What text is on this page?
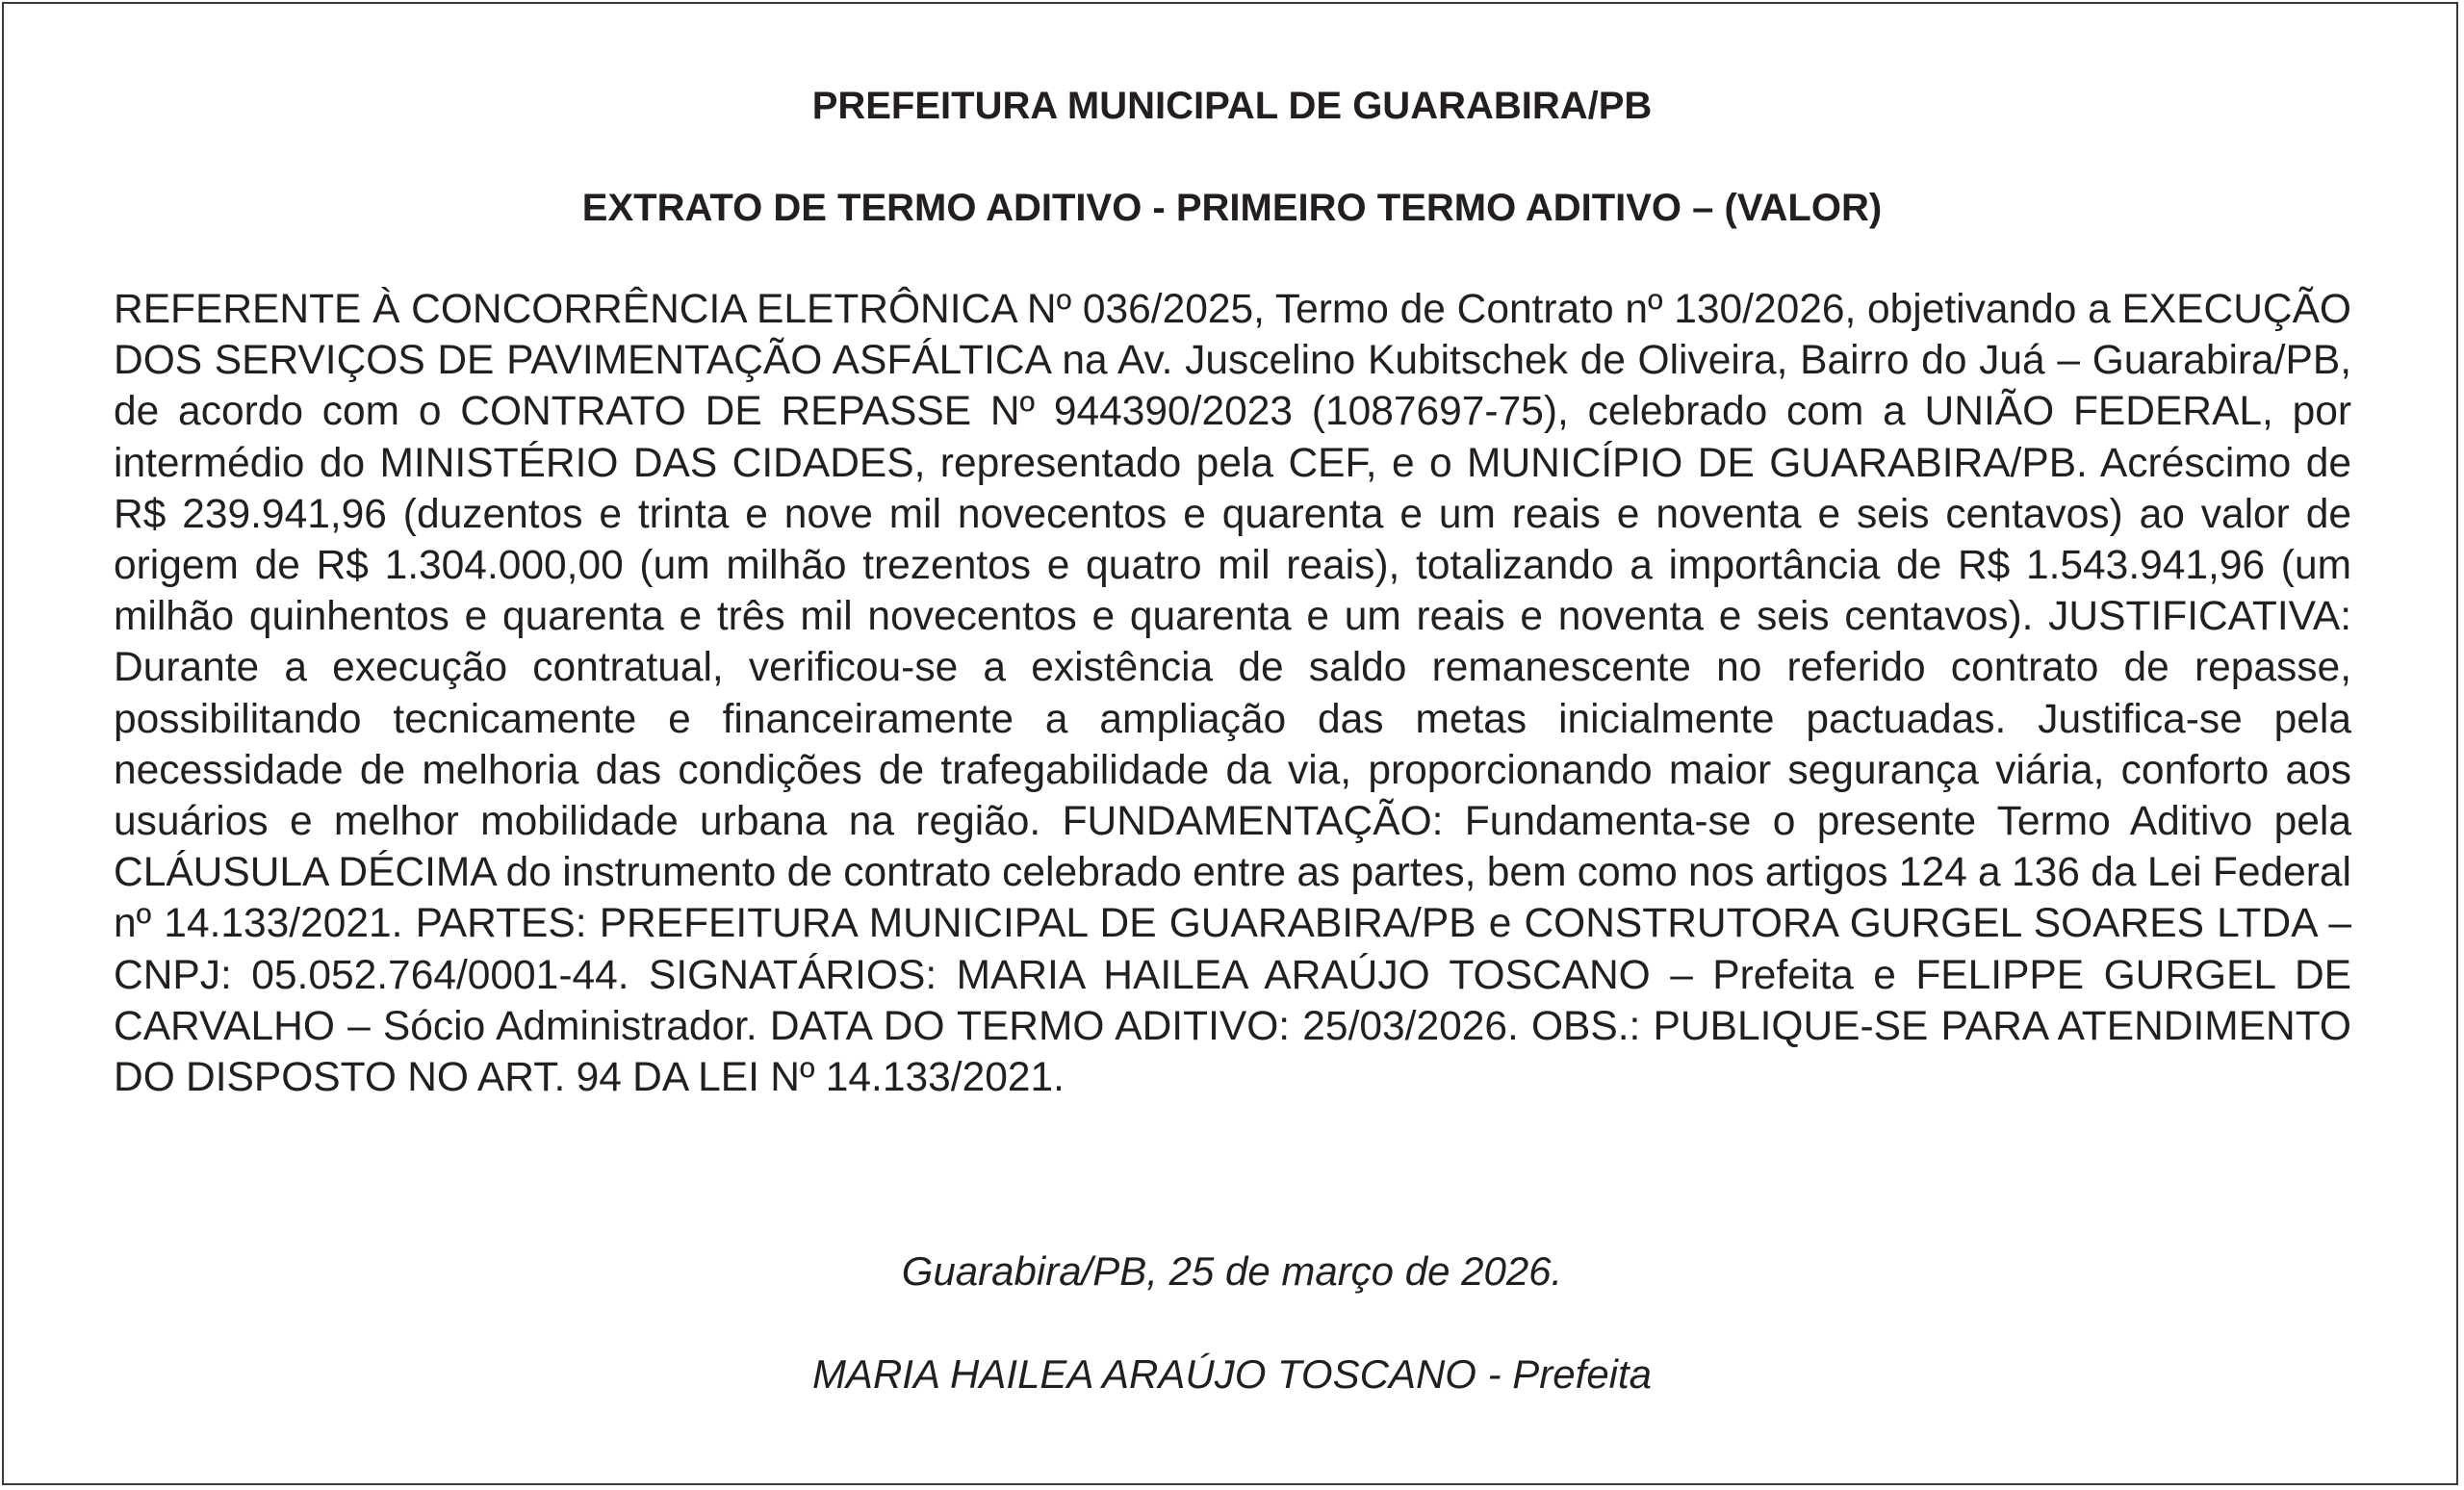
PREFEITURA MUNICIPAL DE GUARABIRA/PB
EXTRATO DE TERMO ADITIVO - PRIMEIRO TERMO ADITIVO – (VALOR)

REFERENTE À CONCORRÊNCIA ELETRÔNICA Nº 036/2025, Termo de Contrato nº 130/2026, objetivando a EXECUÇÃO DOS SERVIÇOS DE PAVIMENTAÇÃO ASFÁLTICA na Av. Juscelino Kubitschek de Oliveira, Bairro do Juá – Guarabira/PB, de acordo com o CONTRATO DE REPASSE Nº 944390/2023 (1087697-75), celebrado com a UNIÃO FEDERAL, por intermédio do MINISTÉRIO DAS CIDADES, representado pela CEF, e o MUNICÍPIO DE GUARABIRA/PB. Acréscimo de R$ 239.941,96 (duzentos e trinta e nove mil novecentos e quarenta e um reais e noventa e seis centavos) ao valor de origem de R$ 1.304.000,00 (um milhão trezentos e quatro mil reais), totalizando a importância de R$ 1.543.941,96 (um milhão quinhentos e quarenta e três mil novecentos e quarenta e um reais e noventa e seis centavos). JUSTIFICATIVA: Durante a execução contratual, verificou-se a existência de saldo remanescente no referido contrato de repasse, possibilitando tecnicamente e financeiramente a ampliação das metas inicialmente pactuadas. Justifica-se pela necessidade de melhoria das condições de trafegabilidade da via, proporcionando maior segurança viária, conforto aos usuários e melhor mobilidade urbana na região. FUNDAMENTAÇÃO: Fundamenta-se o presente Termo Aditivo pela CLÁUSULA DÉCIMA do instrumento de contrato celebrado entre as partes, bem como nos artigos 124 a 136 da Lei Federal nº 14.133/2021. PARTES: PREFEITURA MUNICIPAL DE GUARABIRA/PB e CONSTRUTORA GURGEL SOARES LTDA – CNPJ: 05.052.764/0001-44. SIGNATÁRIOS: MARIA HAILEA ARAÚJO TOSCANO – Prefeita e FELIPPE GURGEL DE CARVALHO – Sócio Administrador. DATA DO TERMO ADITIVO: 25/03/2026. OBS.: PUBLIQUE-SE PARA ATENDIMENTO DO DISPOSTO NO ART. 94 DA LEI Nº 14.133/2021.

Guarabira/PB, 25 de março de 2026.

MARIA HAILEA ARAÚJO TOSCANO - Prefeita
